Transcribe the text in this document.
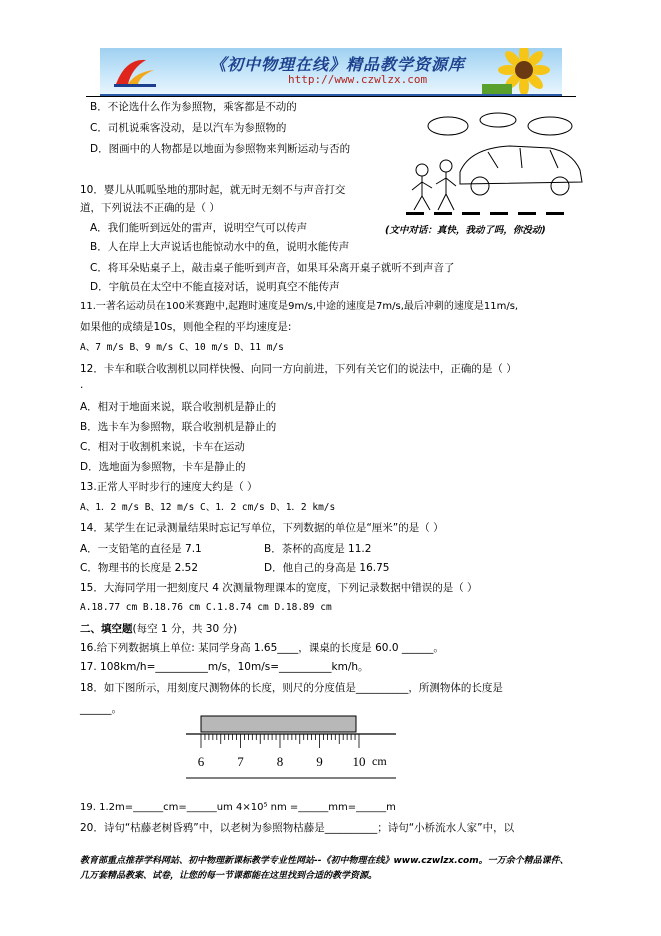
《初中物理在线》精品教学资源库
http://www.czwlzx.com
B．不论选什么作为参照物，乘客都是不动的
C．司机说乘客没动，是以汽车为参照物的
D．图画中的人物都是以地面为参照物来判断运动与否的
10．婴儿从呱呱坠地的那时起，就无时无刻不与声音打交
道，下列说法不正确的是（ ）
A．我们能听到远处的雷声，说明空气可以传声	(文中对话：真快，我动了吗，你没动)
B．人在岸上大声说话也能惊动水中的鱼，说明水能传声
C．将耳朵贴桌子上，敲击桌子能听到声音，如果耳朵离开桌子就听不到声音了
D．宇航员在太空中不能直接对话，说明真空不能传声
11.一著名运动员在100米赛跑中,起跑时速度是9m/s,中途的速度是7m/s,最后冲刺的速度是11m/s,
如果他的成绩是10s，则他全程的平均速度是:
A、7 m/s B、9 m/s C、10 m/s D、11 m/s
12．卡车和联合收割机以同样快慢、向同一方向前进，下列有关它们的说法中，正确的是（ ）
.
A．相对于地面来说，联合收割机是静止的
B．选卡车为参照物，联合收割机是静止的
C．相对于收割机来说，卡车在运动
D．选地面为参照物，卡车是静止的
13.正常人平时步行的速度大约是（ ）
A、1．2 m/s B、12 m/s C、1．2 cm/s D、1．2 km/s
14．某学生在记录测量结果时忘记写单位，下列数据的单位是“厘米”的是（ ）
A．一支铅笔的直径是 7.1	B．茶杯的高度是 11.2
C．物理书的长度是 2.52	D．他自己的身高是 16.75
15．大海同学用一把刻度尺 4 次测量物理课本的宽度，下列记录数据中错误的是（ ）
A.18.77 cm B.18.76 cm C.1.8.74 cm D.18.89 cm
二、填空题(每空 1 分，共 30 分)
16.给下列数据填上单位: 某同学身高 1.65____，课桌的长度是 60.0 ______。
17. 108km/h=__________m/s，10m/s=__________km/h。
18．如下图所示，用刻度尺测物体的长度，则尺的分度值是__________，所测物体的长度是
______。
6	7	8	9 10 cm
19. 1.2m=______cm=______um 4×10⁵ nm =______mm=______m
20．诗句“枯藤老树昏鸦”中，以老树为参照物枯藤是__________；诗句“小桥流水人家”中，以
教育部重点推荐学科网站、初中物理新课标教学专业性网站--《初中物理在线》www.czwlzx.com。一万余个精品课件、
几万套精品教案、试卷，让您的每一节课都能在这里找到合适的教学资源。
